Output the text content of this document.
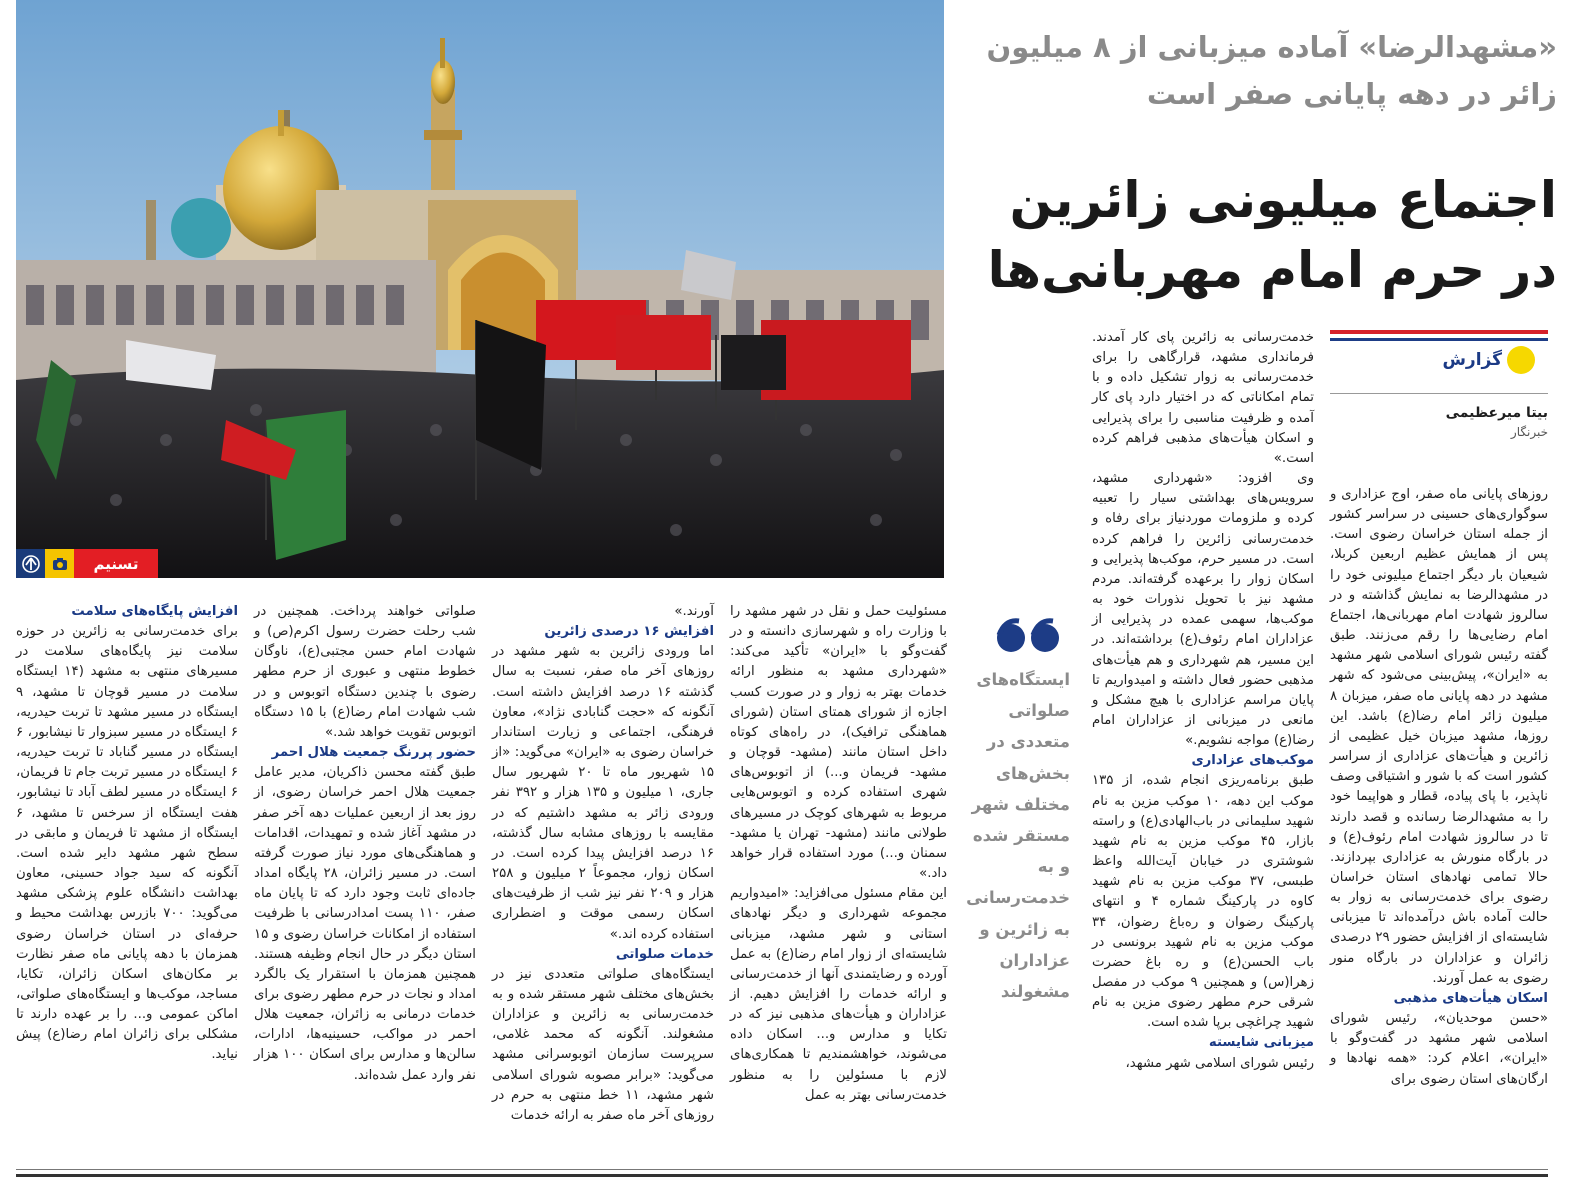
تسنیم
«مشهدالرضا» آماده میزبانی از ۸ میلیون زائر در دهه پایانی صفر است
اجتماع میلیونی زائرین در حرم امام مهربانی‌ها
گزارش
بیتا میرعظیمی
خبرنگار

روزهای پایانی ماه صفر، اوج عزاداری و سوگواری‌های حسینی در سراسر کشور از جمله استان خراسان رضوی است. پس از همایش عظیم اربعین کربلا، شیعیان بار دیگر اجتماع میلیونی خود را در مشهدالرضا به نمایش گذاشته و در سالروز شهادت امام مهربانی‌ها، اجتماع امام رضایی‌ها را رقم می‌زنند. طبق گفته رئیس شورای اسلامی شهر مشهد به «ایران»، پیش‌بینی می‌شود که شهر مشهد در دهه پایانی ماه صفر، میزبان ۸ میلیون زائر امام رضا(ع) باشد. این روزها، مشهد میزبان خیل عظیمی از زائرین و هیأت‌های عزاداری از سراسر کشور است که با شور و اشتیاقی وصف ناپذیر، با پای پیاده، قطار و هواپیما خود را به مشهدالرضا رسانده و قصد دارند تا در سالروز شهادت امام رئوف(ع) و در بارگاه منورش به عزاداری بپردازند. حالا تمامی نهادهای استان خراسان رضوی برای خدمت‌رسانی به زوار به حالت آماده باش درآمده‌اند تا میزبانی شایسته‌ای از افزایش حضور ۲۹ درصدی زائران و عزاداران در بارگاه منور رضوی به عمل آورند.

اسکان هیأت‌های مذهبی

«حسن موحدیان»، رئیس شورای اسلامی شهر مشهد در گفت‌وگو با «ایران»، اعلام کرد: «همه نهادها و ارگان‌های استان رضوی برای

خدمت‌رسانی به زائرین پای کار آمدند. فرمانداری مشهد، قرارگاهی را برای خدمت‌رسانی به زوار تشکیل داده و با تمام امکاناتی که در اختیار دارد پای کار آمده و ظرفیت مناسبی را برای پذیرایی و اسکان هیأت‌های مذهبی فراهم کرده است.»

وی افزود: «شهرداری مشهد، سرویس‌های بهداشتی سیار را تعبیه کرده و ملزومات موردنیاز برای رفاه و خدمت‌رسانی زائرین را فراهم کرده است. در مسیر حرم، موکب‌ها پذیرایی و اسکان زوار را برعهده گرفته‌اند. مردم مشهد نیز با تحویل نذورات خود به موکب‌ها، سهمی عمده در پذیرایی از عزاداران امام رئوف(ع) برداشته‌اند. در این مسیر، هم شهرداری و هم هیأت‌های مذهبی حضور فعال داشته و امیدواریم تا پایان مراسم عزاداری با هیچ مشکل و مانعی در میزبانی از عزاداران امام رضا(ع) مواجه نشویم.»

موکب‌های عزاداری

طبق برنامه‌ریزی انجام شده، از ۱۳۵ موکب این دهه، ۱۰ موکب مزین به نام شهید سلیمانی در باب‌الهادی(ع) و راسته بازار، ۴۵ موکب مزین به نام شهید شوشتری در خیابان آیت‌الله واعظ طبسی، ۳۷ موکب مزین به نام شهید کاوه در پارکینگ شماره ۴ و انتهای پارکینگ رضوان و ره‌باغ رضوان، ۳۴ موکب مزین به نام شهید برونسی در باب الحسن(ع) و ره باغ حضرت زهرا(س) و همچنین ۹ موکب در مفصل شرقی حرم مطهر رضوی مزین به نام شهید چراغچی برپا شده است.

میزبانی شایسته

رئیس شورای اسلامی شهر مشهد،

ایستگاه‌های صلواتی متعددی در بخش‌های مختلف شهر مستقر شده و به خدمت‌رسانی به زائرین و عزاداران مشغولند

مسئولیت حمل و نقل در شهر مشهد را با وزارت راه و شهرسازی دانسته و در گفت‌وگو با «ایران» تأکید می‌کند: «شهرداری مشهد به منظور ارائه خدمات بهتر به زوار و در صورت کسب اجازه از شورای همتای استان (شورای هماهنگی ترافیک)، در راه‌های کوتاه داخل استان مانند (مشهد- قوچان و مشهد- فریمان و...) از اتوبوس‌های شهری استفاده کرده و اتوبوس‌هایی مربوط به شهرهای کوچک در مسیرهای طولانی مانند (مشهد- تهران یا مشهد- سمنان و...) مورد استفاده قرار خواهد داد.»

این مقام مسئول می‌افزاید: «امیدواریم مجموعه شهرداری و دیگر نهادهای استانی و شهر مشهد، میزبانی شایسته‌ای از زوار امام رضا(ع) به عمل آورده و رضایتمندی آنها از خدمت‌رسانی و ارائه خدمات را افزایش دهیم. از عزاداران و هیأت‌های مذهبی نیز که در تکایا و مدارس و... اسکان داده می‌شوند، خواهشمندیم تا همکاری‌های لازم با مسئولین را به منظور خدمت‌رسانی بهتر به عمل

آورند.»

افزایش ۱۶ درصدی زائرین

اما ورودی زائرین به شهر مشهد در روزهای آخر ماه صفر، نسبت به سال گذشته ۱۶ درصد افزایش داشته است. آنگونه که «حجت گنابادی نژاد»، معاون فرهنگی، اجتماعی و زیارت استاندار خراسان رضوی به «ایران» می‌گوید: «از ۱۵ شهریور ماه تا ۲۰ شهریور سال جاری، ۱ میلیون و ۱۳۵ هزار و ۳۹۲ نفر ورودی زائر به مشهد داشتیم که در مقایسه با روزهای مشابه سال گذشته، ۱۶ درصد افزایش پیدا کرده است. در اسکان زوار، مجموعاً ۲ میلیون و ۲۵۸ هزار و ۲۰۹ نفر نیز شب از ظرفیت‌های اسکان رسمی موقت و اضطراری استفاده کرده اند.»

خدمات صلواتی

ایستگاه‌های صلواتی متعددی نیز در بخش‌های مختلف شهر مستقر شده و به خدمت‌رسانی به زائرین و عزاداران مشغولند. آنگونه که محمد غلامی، سرپرست سازمان اتوبوسرانی مشهد می‌گوید: «برابر مصوبه شورای اسلامی شهر مشهد، ۱۱ خط منتهی به حرم در روزهای آخر ماه صفر به ارائه خدمات

صلواتی خواهند پرداخت. همچنین در شب رحلت حضرت رسول اکرم(ص) و شهادت امام حسن مجتبی(ع)، ناوگان خطوط منتهی و عبوری از حرم مطهر رضوی با چندین دستگاه اتوبوس و در شب شهادت امام رضا(ع) با ۱۵ دستگاه اتوبوس تقویت خواهد شد.»

حضور پررنگ جمعیت هلال احمر

طبق گفته محسن ذاکریان، مدیر عامل جمعیت هلال احمر خراسان رضوی، از روز بعد از اربعین عملیات دهه آخر صفر در مشهد آغاز شده و تمهیدات، اقدامات و هماهنگی‌های مورد نیاز صورت گرفته است. در مسیر زائران، ۲۸ پایگاه امداد جاده‌ای ثابت وجود دارد که تا پایان ماه صفر، ۱۱۰ پست امدادرسانی با ظرفیت استفاده از امکانات خراسان رضوی و ۱۵ استان دیگر در حال انجام وظیفه هستند. همچنین همزمان با استقرار یک بالگرد امداد و نجات در حرم مطهر رضوی برای خدمات درمانی به زائران، جمعیت هلال احمر در مواکب، حسینیه‌ها، ادارات، سالن‌ها و مدارس برای اسکان ۱۰۰ هزار نفر وارد عمل شده‌اند.

افزایش پایگاه‌های سلامت

برای خدمت‌رسانی به زائرین در حوزه سلامت نیز پایگاه‌های سلامت در مسیرهای منتهی به مشهد (۱۴ ایستگاه سلامت در مسیر قوچان تا مشهد، ۹ ایستگاه در مسیر مشهد تا تربت حیدریه، ۶ ایستگاه در مسیر سبزوار تا نیشابور، ۶ ایستگاه در مسیر گناباد تا تربت حیدریه، ۶ ایستگاه در مسیر تربت جام تا فریمان، ۶ ایستگاه در مسیر لطف آباد تا نیشابور، هفت ایستگاه از سرخس تا مشهد، ۶ ایستگاه از مشهد تا فریمان و مابقی در سطح شهر مشهد دایر شده است. آنگونه که سید جواد حسینی، معاون بهداشت دانشگاه علوم پزشکی مشهد می‌گوید: ۷۰۰ بازرس بهداشت محیط و حرفه‌ای در استان خراسان رضوی همزمان با دهه پایانی ماه صفر نظارت بر مکان‌های اسکان زائران، تکایا، مساجد، موکب‌ها و ایستگاه‌های صلواتی، اماکن عمومی و... را بر عهده دارند تا مشکلی برای زائران امام رضا(ع) پیش نیاید.
